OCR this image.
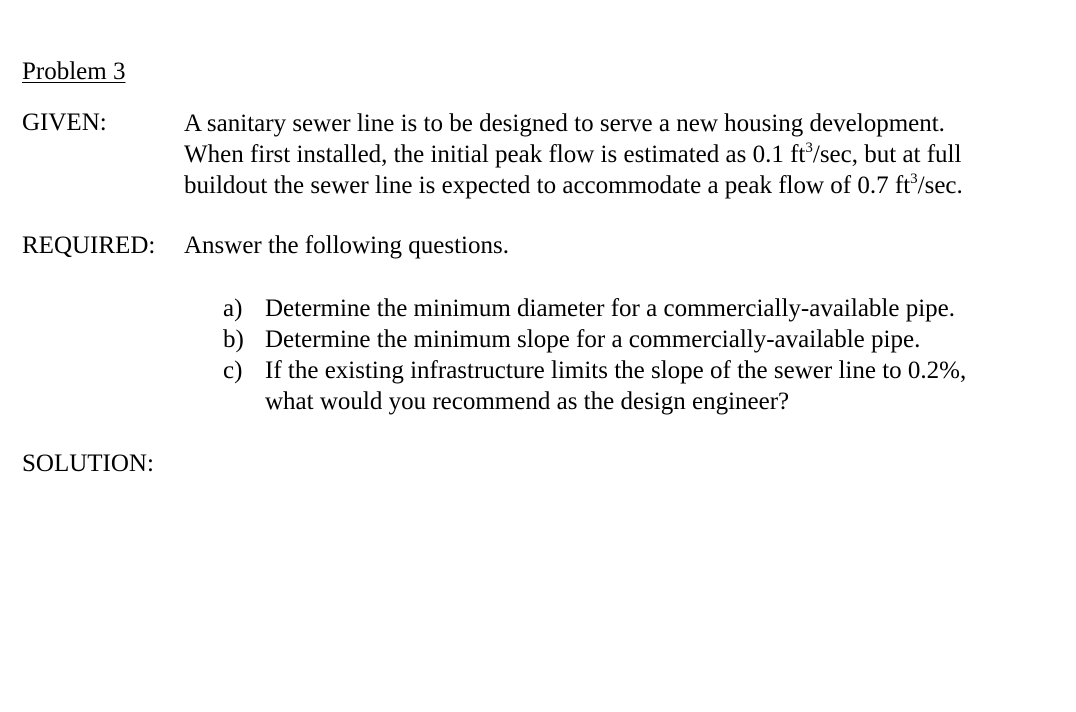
Problem 3
GIVEN:	A sanitary sewer line is to be designed to serve a new housing development.
When first installed, the initial peak flow is estimated as 0.1 $ft^3/\sec$, but at full
buildout the sewer line is expected to accommodate a peak flow of 0.7 $ft^3/\sec$.
REQUIRED: Answer the following questions.
a) Determine the minimum diameter for a commercially-available pipe.
b) Determine the minimum slope for a commercially-available pipe.
c) If the existing infrastructure limits the slope of the sewer line to 0.2%,
what would you recommend as the design engineer?
SOLUTION:
